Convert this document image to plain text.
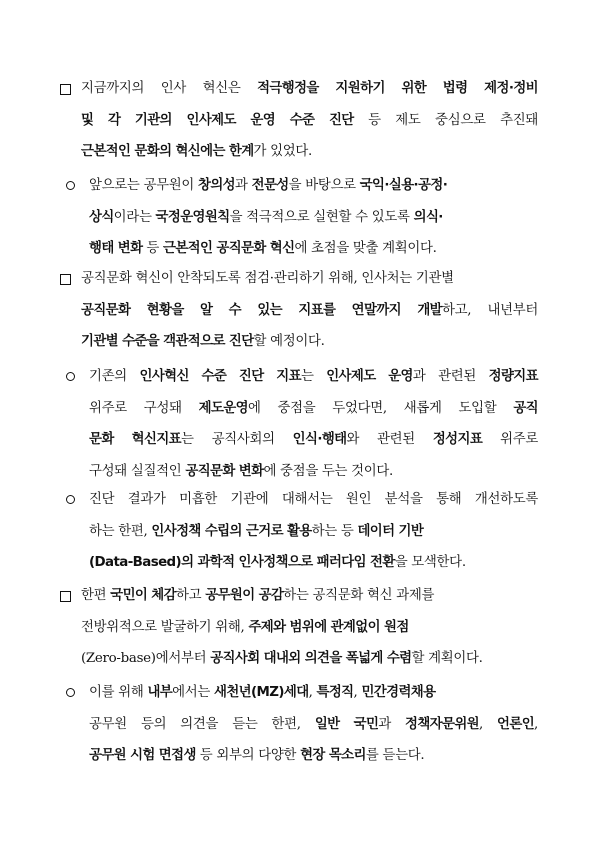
지금까지의 인사 혁신은 적극행정을 지원하기 위한 법령 제정·정비
및 각 기관의 인사제도 운영 수준 진단 등 제도 중심으로 추진돼
근본적인 문화의 혁신에는 한계가 있었다.
앞으로는 공무원이 창의성과 전문성을 바탕으로 국익·실용·공정·
상식이라는 국정운영원칙을 적극적으로 실현할 수 있도록 의식·
행태 변화 등 근본적인 공직문화 혁신에 초점을 맞출 계획이다.
공직문화 혁신이 안착되도록 점검·관리하기 위해, 인사처는 기관별
공직문화 현황을 알 수 있는 지표를 연말까지 개발하고, 내년부터
기관별 수준을 객관적으로 진단할 예정이다.
기존의 인사혁신 수준 진단 지표는 인사제도 운영과 관련된 정량지표
위주로 구성돼 제도운영에 중점을 두었다면, 새롭게 도입할 공직
문화 혁신지표는 공직사회의 인식·행태와 관련된 정성지표 위주로
구성돼 실질적인 공직문화 변화에 중점을 두는 것이다.
진단 결과가 미흡한 기관에 대해서는 원인 분석을 통해 개선하도록
하는 한편, 인사정책 수립의 근거로 활용하는 등 데이터 기반
(Data-Based)의 과학적 인사정책으로 패러다임 전환을 모색한다.
한편 국민이 체감하고 공무원이 공감하는 공직문화 혁신 과제를
전방위적으로 발굴하기 위해, 주제와 범위에 관계없이 원점
(Zero-base)에서부터 공직사회 대내외 의견을 폭넓게 수렴할 계획이다.
이를 위해 내부에서는 새천년(MZ)세대, 특정직, 민간경력채용
공무원 등의 의견을 듣는 한편, 일반 국민과 정책자문위원, 언론인,
공무원 시험 면접생 등 외부의 다양한 현장 목소리를 듣는다.
